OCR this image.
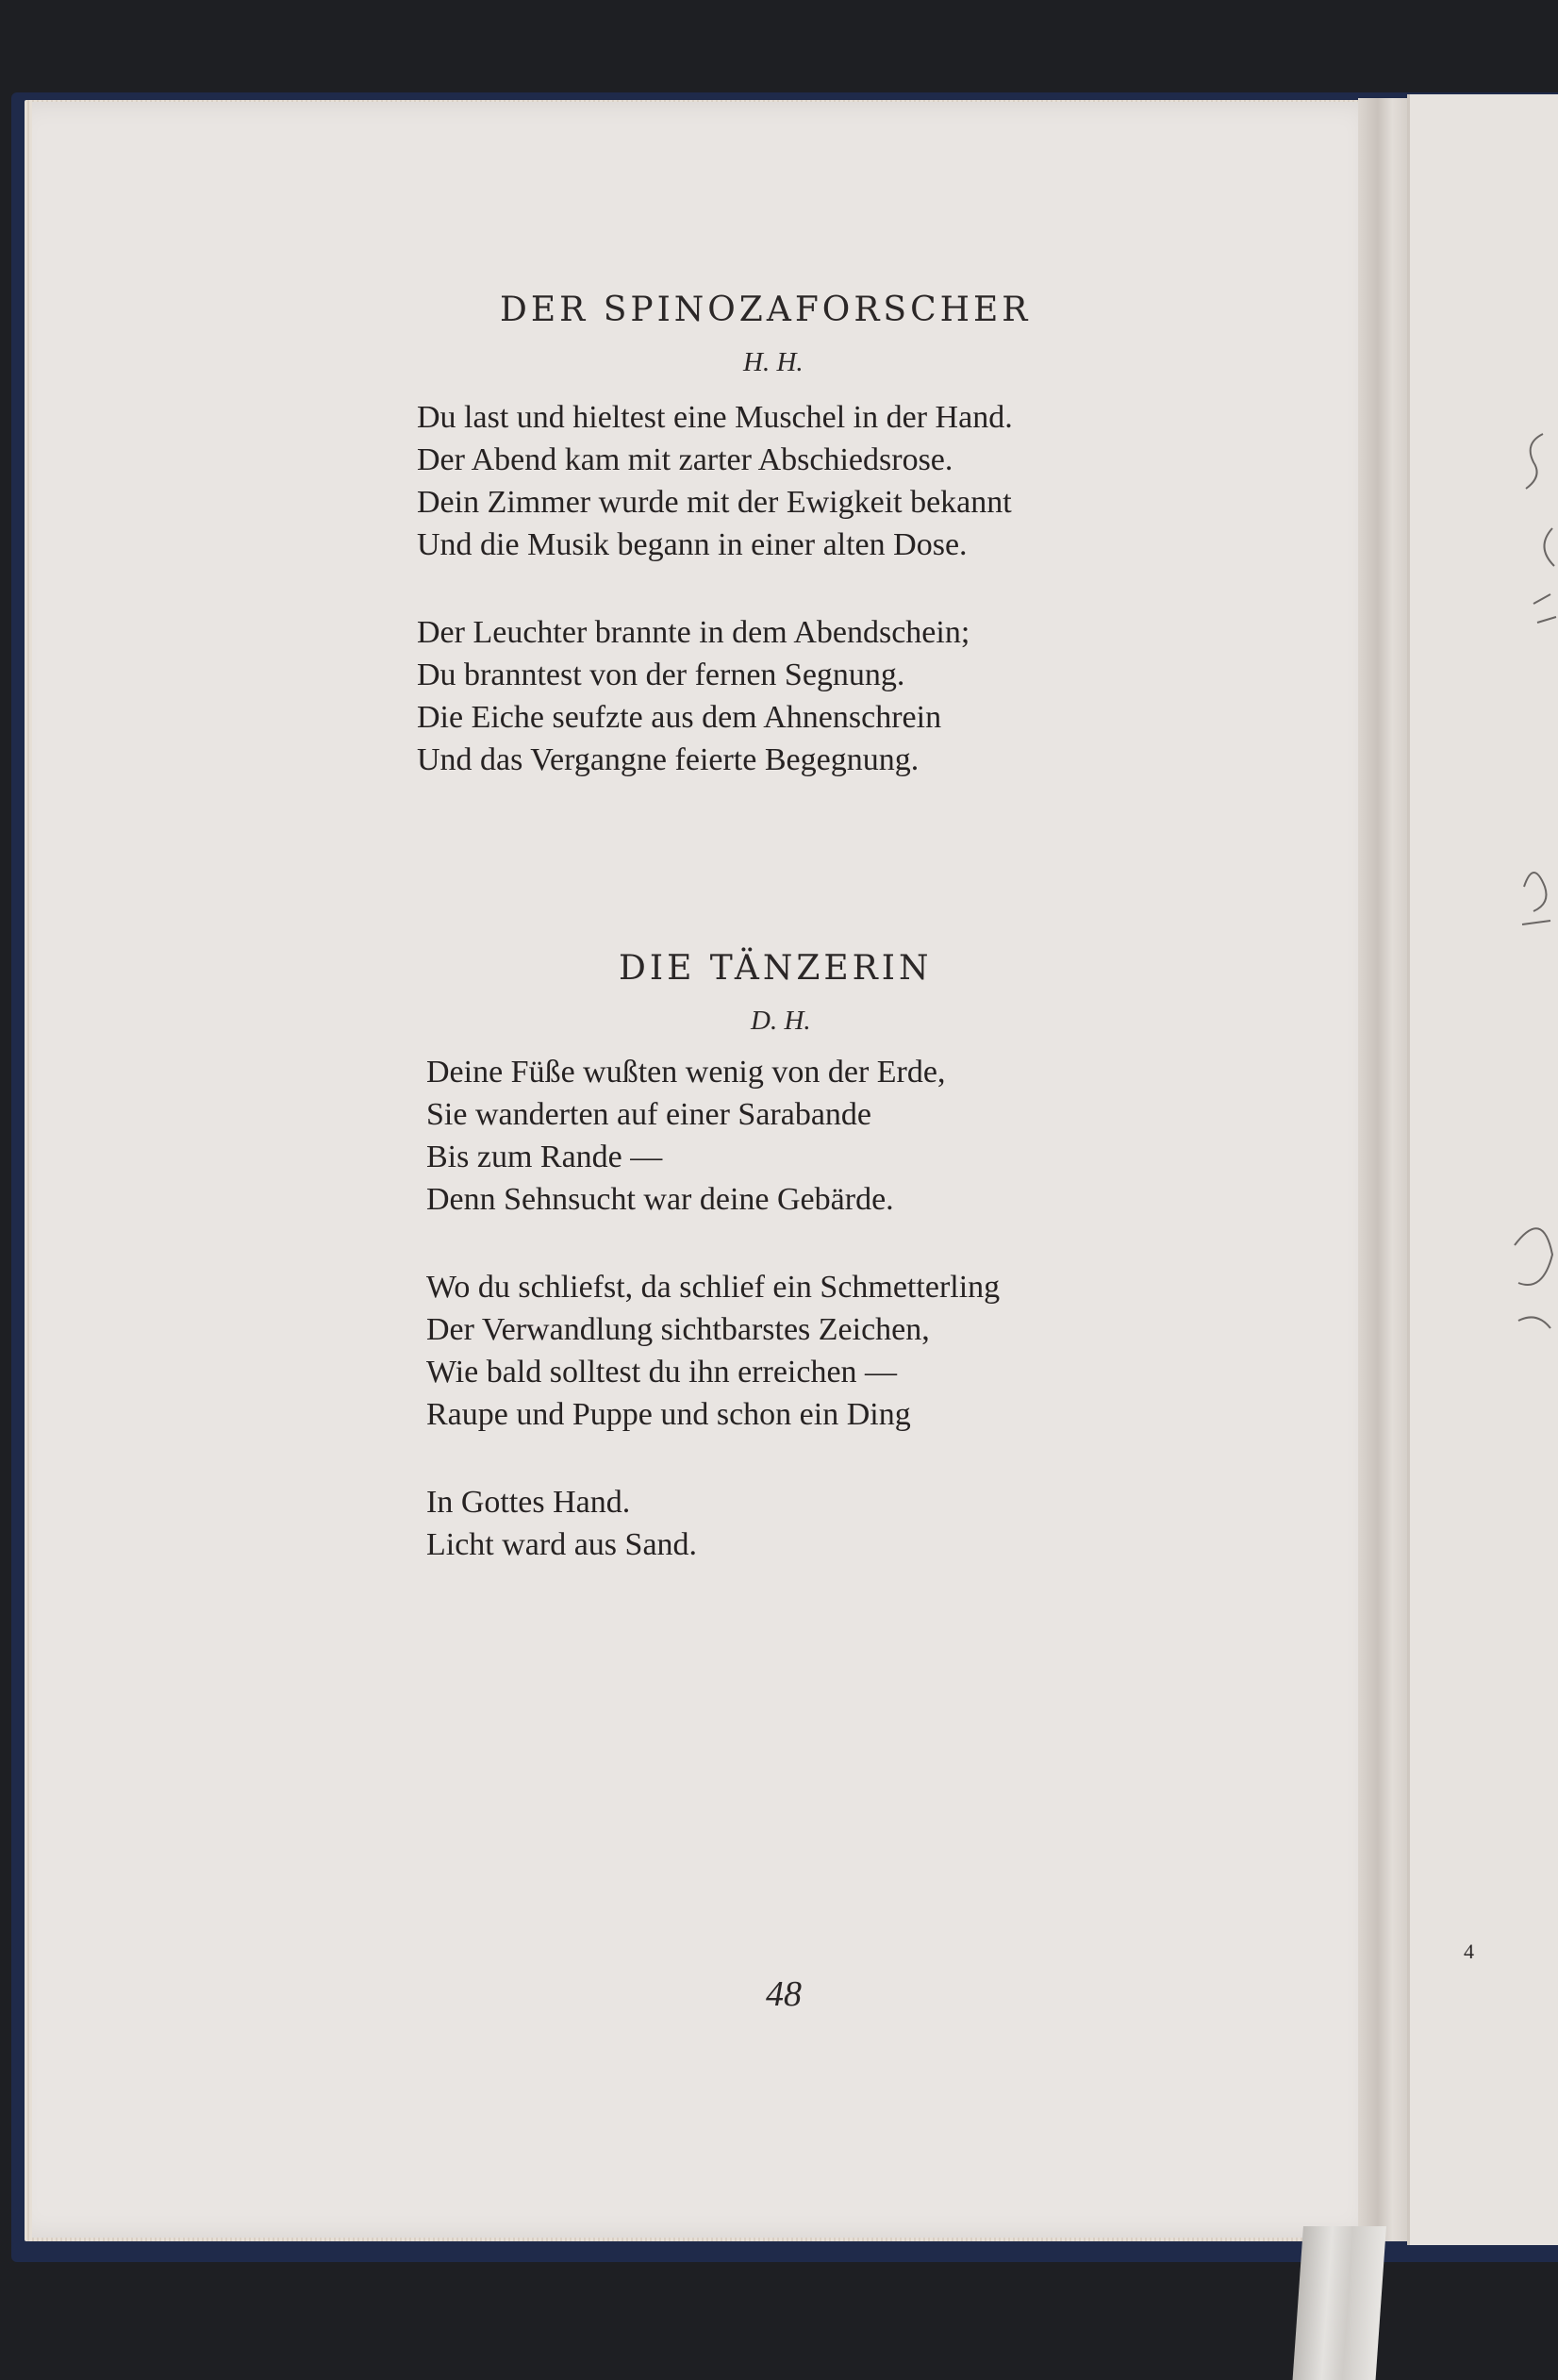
DER SPINOZAFORSCHER
H. H.
Du last und hieltest eine Muschel in der Hand.
Der Abend kam mit zarter Abschiedsrose.
Dein Zimmer wurde mit der Ewigkeit bekannt
Und die Musik begann in einer alten Dose.
Der Leuchter brannte in dem Abendschein;
Du branntest von der fernen Segnung.
Die Eiche seufzte aus dem Ahnenschrein
Und das Vergangne feierte Begegnung.
DIE TÄNZERIN
D. H.
Deine Füße wußten wenig von der Erde,
Sie wanderten auf einer Sarabande
Bis zum Rande —
Denn Sehnsucht war deine Gebärde.
Wo du schliefst, da schlief ein Schmetterling
Der Verwandlung sichtbarstes Zeichen,
Wie bald solltest du ihn erreichen —
Raupe und Puppe und schon ein Ding
In Gottes Hand.
Licht ward aus Sand.
48
4
